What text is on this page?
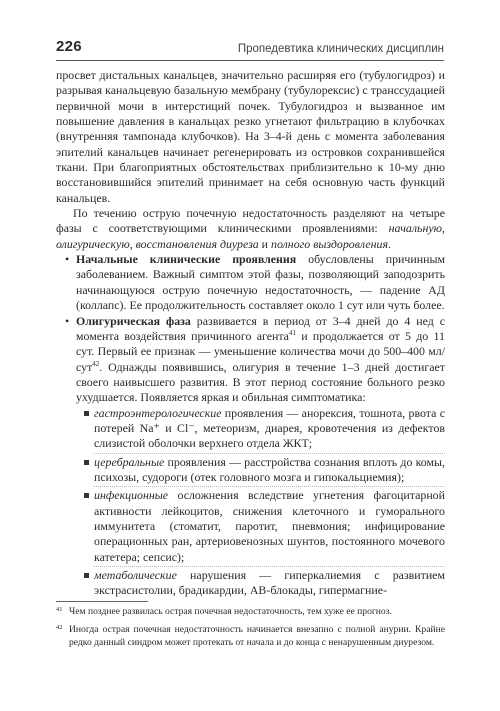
226	Пропедевтика клинических дисциплин

просвет дистальных канальцев, значительно расширяя его (тубулогидроз) и разрывая канальцевую базальную мембрану (тубулорексис) с транссудацией первичной мочи в интерстиций почек. Тубулогидроз и вызванное им повышение давления в канальцах резко угнетают фильтрацию в клубочках (внутренняя тампонада клубочков). На 3–4-й день с момента заболевания эпителий канальцев начинает регенерировать из островков сохранившейся ткани. При благоприятных обстоятельствах приблизительно к 10-му дню восстановившийся эпителий принимает на себя основную часть функций канальцев.

По течению острую почечную недостаточность разделяют на четыре фазы с соответствующими клиническими проявлениями: начальную, олигурическую, восстановления диуреза и полного выздоровления.

• Начальные клинические проявления обусловлены причинным заболеванием. Важный симптом этой фазы, позволяющий заподозрить начинающуюся острую почечную недостаточность, — падение АД (коллапс). Ее продолжительность составляет около 1 сут или чуть более.

• Олигурическая фаза развивается в период от 3–4 дней до 4 нед с момента воздействия причинного агента$^{41}$ и продолжается от 5 до 11 сут. Первый ее признак — уменьшение количества мочи до 500–400 мл/сут$^{42}$. Однажды появившись, олигурия в течение 1–3 дней достигает своего наивысшего развития. В этот период состояние больного резко ухудшается. Появляется яркая и обильная симптоматика:

гастроэнтерологические проявления — анорексия, тошнота, рвота с потерей Na⁺ и Cl⁻, метеоризм, диарея, кровотечения из дефектов слизистой оболочки верхнего отдела ЖКТ;

церебральные проявления — расстройства сознания вплоть до комы, психозы, судороги (отек головного мозга и гипокальциемия);

инфекционные осложнения вследствие угнетения фагоцитарной активности лейкоцитов, снижения клеточного и гуморального иммунитета (стоматит, паротит, пневмония; инфицирование операционных ран, артериовенозных шунтов, постоянного мочевого катетера; сепсис);

метаболические нарушения — гиперкалиемия с развитием экстрасистолии, брадикардии, АВ-блокады, гипермагние-

41 Чем позднее развилась острая почечная недостаточность, тем хуже ее прогноз.
42 Иногда острая почечная недостаточность начинается внезапно с полной анурии. Крайне редко данный синдром может протекать от начала и до конца с ненарушенным диурезом.
